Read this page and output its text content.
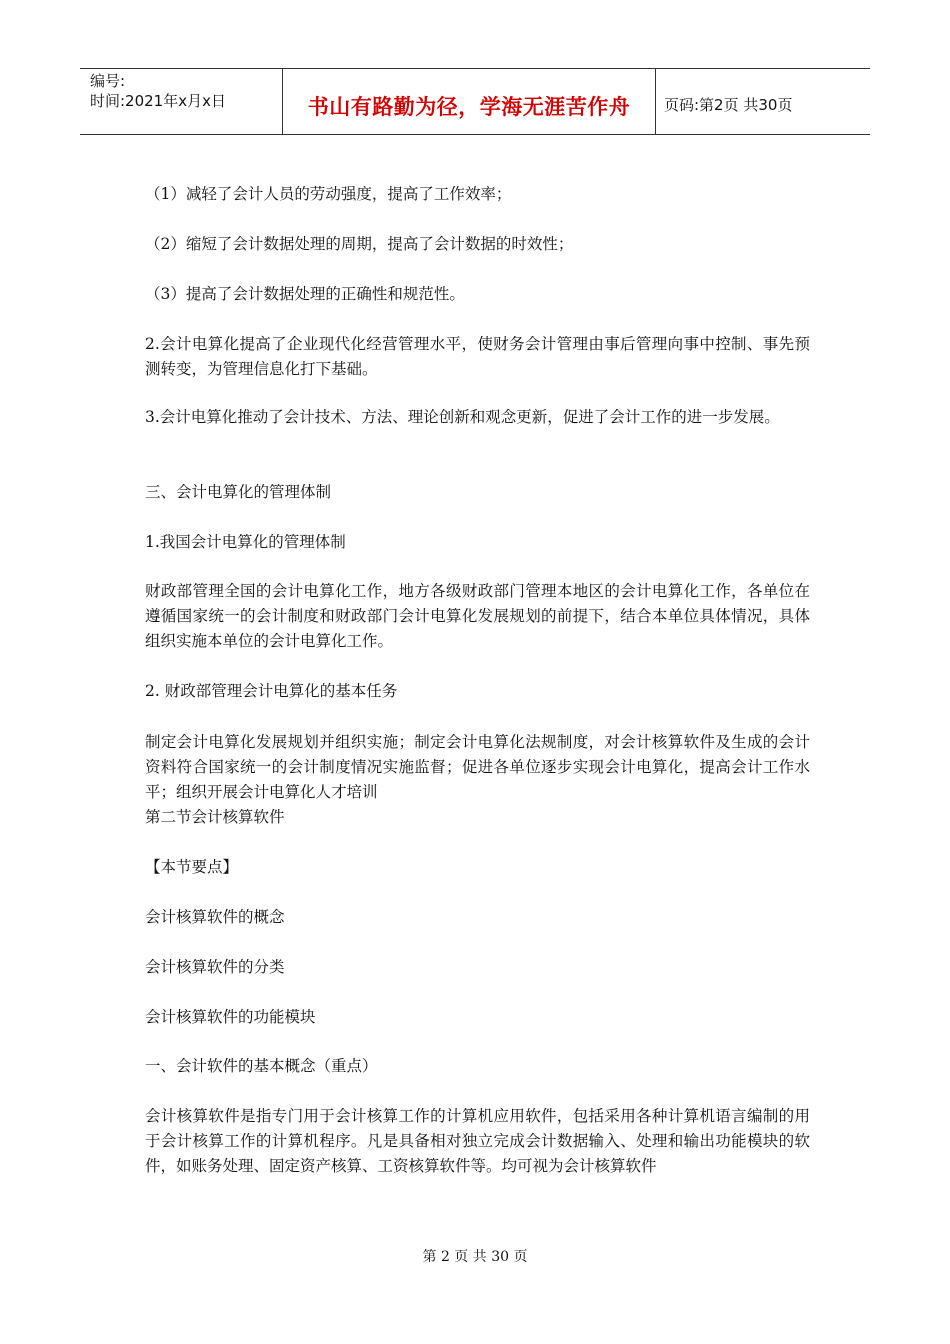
编号:
时间:2021年x月x日	书山有路勤为径，学海无涯苦作舟	页码:第2页 共30页

（1）减轻了会计人员的劳动强度，提高了工作效率；

（2）缩短了会计数据处理的周期，提高了会计数据的时效性；

（3）提高了会计数据处理的正确性和规范性。

2.会计电算化提高了企业现代化经营管理水平，使财务会计管理由事后管理向事中控制、事先预测转变，为管理信息化打下基础。

3.会计电算化推动了会计技术、方法、理论创新和观念更新，促进了会计工作的进一步发展。

三、会计电算化的管理体制

1.我国会计电算化的管理体制

财政部管理全国的会计电算化工作，地方各级财政部门管理本地区的会计电算化工作，各单位在遵循国家统一的会计制度和财政部门会计电算化发展规划的前提下，结合本单位具体情况，具体组织实施本单位的会计电算化工作。

2. 财政部管理会计电算化的基本任务

制定会计电算化发展规划并组织实施；制定会计电算化法规制度，对会计核算软件及生成的会计资料符合国家统一的会计制度情况实施监督；促进各单位逐步实现会计电算化，提高会计工作水平；组织开展会计电算化人才培训

第二节会计核算软件

【本节要点】

会计核算软件的概念

会计核算软件的分类

会计核算软件的功能模块

一、会计软件的基本概念（重点）

会计核算软件是指专门用于会计核算工作的计算机应用软件，包括采用各种计算机语言编制的用于会计核算工作的计算机程序。凡是具备相对独立完成会计数据输入、处理和输出功能模块的软件，如账务处理、固定资产核算、工资核算软件等。均可视为会计核算软件

第 2 页 共 30 页
